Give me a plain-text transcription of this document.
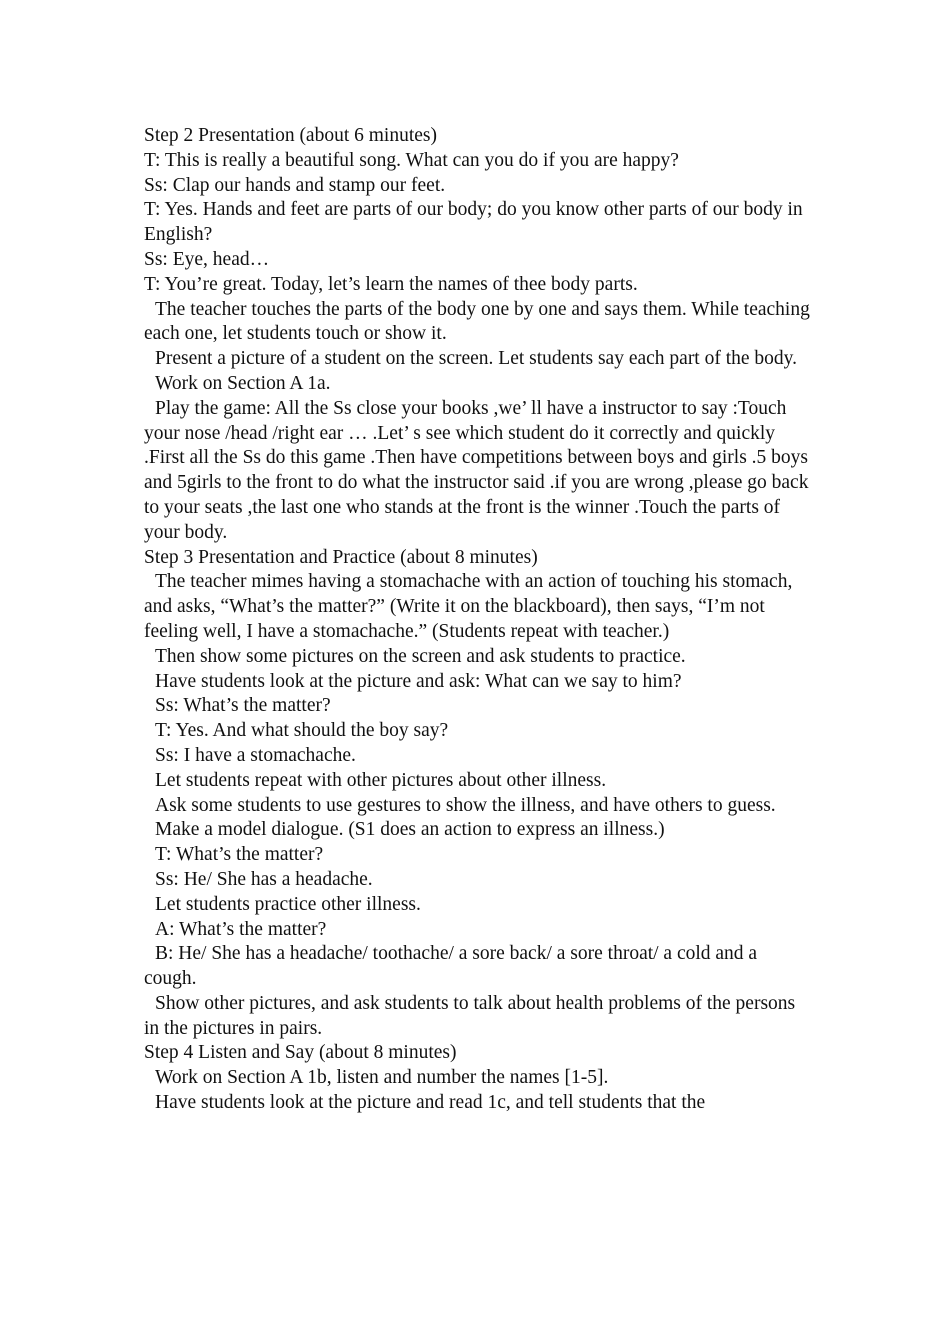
Step 2 Presentation (about 6 minutes)

T: This is really a beautiful song. What can you do if you are happy?

Ss: Clap our hands and stamp our feet.

T: Yes. Hands and feet are parts of our body; do you know other parts of our body in English?

Ss: Eye, head…

T: You’re great. Today, let’s learn the names of thee body parts.

The teacher touches the parts of the body one by one and says them. While teaching each one, let students touch or show it.

Present a picture of a student on the screen. Let students say each part of the body.

Work on Section A 1a.

Play the game: All the Ss close your books ,we’ ll have a instructor to say :Touch your nose /head /right ear … .Let’ s see which student do it correctly and quickly .First all the Ss do this game .Then have competitions between boys and girls .5 boys and 5girls to the front to do what the instructor said .if you are wrong ,please go back to your seats ,the last one who stands at the front is the winner .Touch the parts of your body.

Step 3 Presentation and Practice (about 8 minutes)

The teacher mimes having a stomachache with an action of touching his stomach, and asks, “What’s the matter?” (Write it on the blackboard), then says, “I’m not feeling well, I have a stomachache.” (Students repeat with teacher.)

Then show some pictures on the screen and ask students to practice.

Have students look at the picture and ask: What can we say to him?

Ss: What’s the matter?

T: Yes. And what should the boy say?

Ss: I have a stomachache.

Let students repeat with other pictures about other illness.

Ask some students to use gestures to show the illness, and have others to guess.

Make a model dialogue. (S1 does an action to express an illness.)

T: What’s the matter?

Ss: He/ She has a headache.

Let students practice other illness.

A: What’s the matter?

B: He/ She has a headache/ toothache/ a sore back/ a sore throat/ a cold and a cough.

Show other pictures, and ask students to talk about health problems of the persons in the pictures in pairs.

Step 4 Listen and Say (about 8 minutes)

Work on Section A 1b, listen and number the names [1-5].

Have students look at the picture and read 1c, and tell students that the
